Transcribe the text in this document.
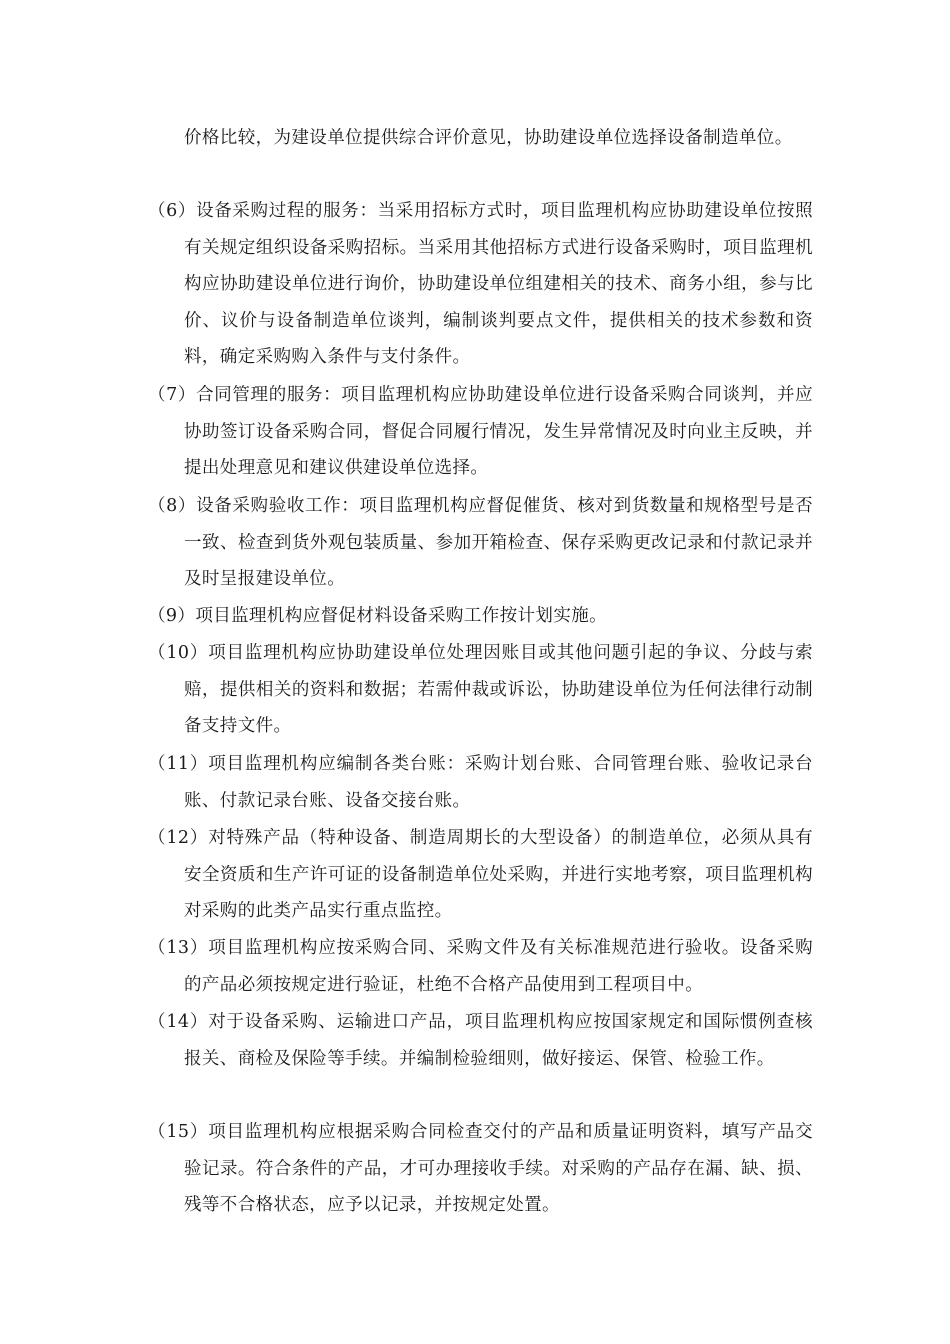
价格比较，为建设单位提供综合评价意见，协助建设单位选择设备制造单位。
（6）设备采购过程的服务：当采用招标方式时，项目监理机构应协助建设单位按照有关规定组织设备采购招标。当采用其他招标方式进行设备采购时，项目监理机构应协助建设单位进行询价，协助建设单位组建相关的技术、商务小组，参与比价、议价与设备制造单位谈判，编制谈判要点文件，提供相关的技术参数和资料，确定采购购入条件与支付条件。
（7）合同管理的服务：项目监理机构应协助建设单位进行设备采购合同谈判，并应协助签订设备采购合同，督促合同履行情况，发生异常情况及时向业主反映，并提出处理意见和建议供建设单位选择。
（8）设备采购验收工作：项目监理机构应督促催货、核对到货数量和规格型号是否一致、检查到货外观包装质量、参加开箱检查、保存采购更改记录和付款记录并及时呈报建设单位。
（9）项目监理机构应督促材料设备采购工作按计划实施。
（10）项目监理机构应协助建设单位处理因账目或其他问题引起的争议、分歧与索赔，提供相关的资料和数据；若需仲裁或诉讼，协助建设单位为任何法律行动制备支持文件。
（11）项目监理机构应编制各类台账：采购计划台账、合同管理台账、验收记录台账、付款记录台账、设备交接台账。
（12）对特殊产品（特种设备、制造周期长的大型设备）的制造单位，必须从具有安全资质和生产许可证的设备制造单位处采购，并进行实地考察，项目监理机构对采购的此类产品实行重点监控。
（13）项目监理机构应按采购合同、采购文件及有关标准规范进行验收。设备采购的产品必须按规定进行验证，杜绝不合格产品使用到工程项目中。
（14）对于设备采购、运输进口产品，项目监理机构应按国家规定和国际惯例查核报关、商检及保险等手续。并编制检验细则，做好接运、保管、检验工作。
（15）项目监理机构应根据采购合同检查交付的产品和质量证明资料，填写产品交验记录。符合条件的产品，才可办理接收手续。对采购的产品存在漏、缺、损、残等不合格状态，应予以记录，并按规定处置。
